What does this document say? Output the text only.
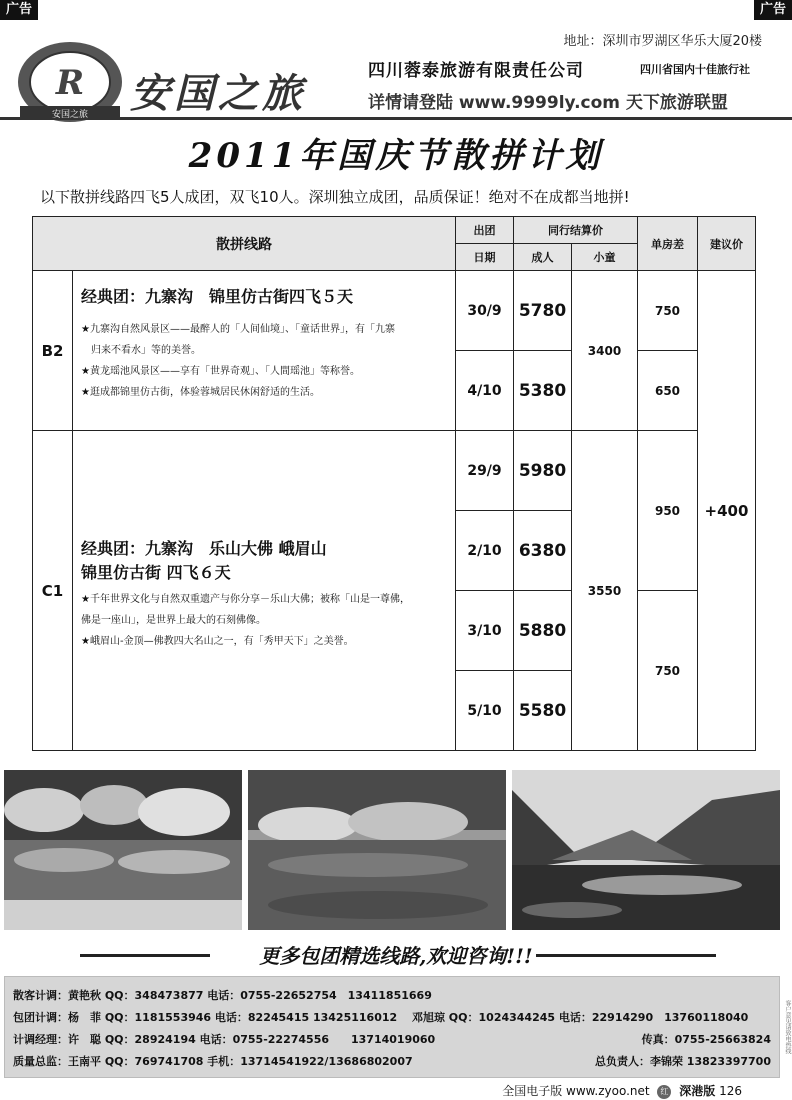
广告	广告
R
安国之旅 安国之旅
地址：深圳市罗湖区华乐大厦20楼
四川蓉泰旅游有限责任公司	四川省国内十佳旅行社
详情请登陆 www.9999ly.com 天下旅游联盟
2011年国庆节散拼计划
以下散拼线路四飞5人成团，双飞10人。深圳独立成团，品质保证！绝对不在成都当地拼!
散拼线路		出团	同行结算价		单房差	建议价
		日期	成人	小童		
B2	经典团：九寨沟　锦里仿古街四飞５天
★九寨沟自然风景区——最醉人的「人间仙境」、「童话世界」，有「九寨
　归来不看水」等的美誉。
★黄龙瑶池风景区——享有「世界奇观」、「人間瑶池」等称誉。
★逛成都锦里仿古街，体验蓉城居民休闲舒适的生活。	30/9	5780	3400	750	+400
		4/10	5380		650	
C1	经典团：九寨沟　乐山大佛 峨眉山
锦里仿古街 四飞６天
★千年世界文化与自然双重遗产与你分享－乐山大佛；被称「山是一尊佛，
佛是一座山」，是世界上最大的石刻佛像。
★峨眉山-金顶—佛教四大名山之一，有「秀甲天下」之美誉。	29/9	5980	3550	950	
		2/10	6380			
		3/10	5880		750	
		5/10	5580			
更多包团精选线路,欢迎咨询!!!
散客计调：黄艳秋 QQ：348473877 电话：0755-22652754　13411851669
包团计调：杨　菲 QQ：1181553946 电话：82245415 13425116012　 邓旭琼 QQ：1024344245 电话：22914290　13760118040
计调经理：许　聪 QQ：28924194 电话：0755-22274556　　13714019060	传真：0755-25663824
质量总监：王南平 QQ：769741708 手机：13714541922/13686802007	总负责人：李锦荣 13823397700
全国电子版 www.zyoo.net 红 深港版 126
客户意见请致电热线
